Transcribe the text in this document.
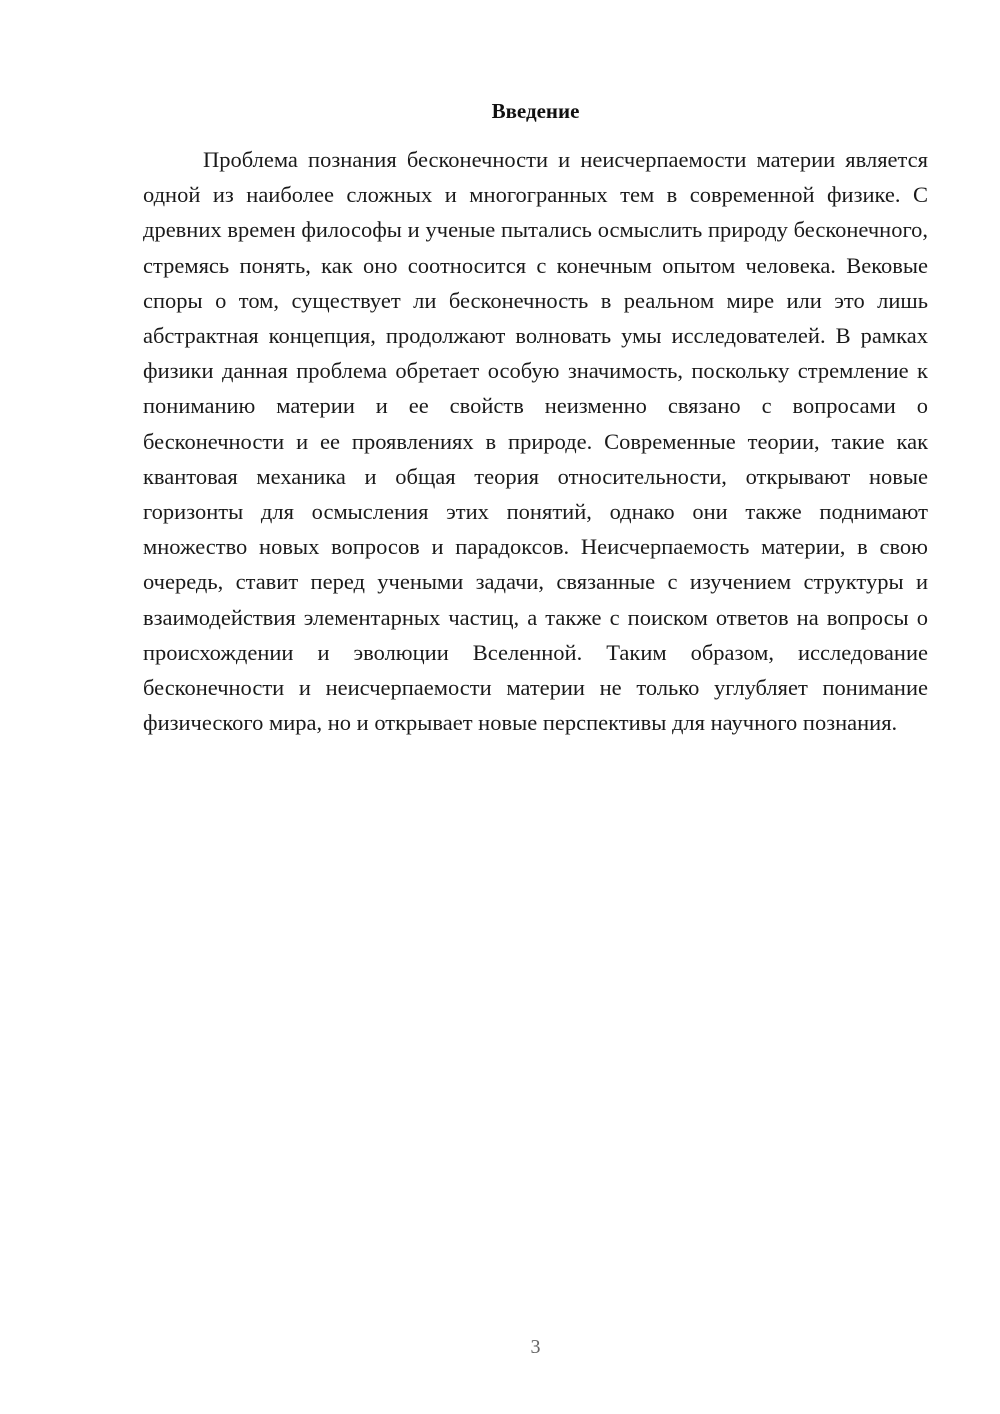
Введение

Проблема познания бесконечности и неисчерпаемости материи является одной из наиболее сложных и многогранных тем в современной физике. С древних времен философы и ученые пытались осмыслить природу бесконечного, стремясь понять, как оно соотносится с конечным опытом человека. Вековые споры о том, существует ли бесконечность в реальном мире или это лишь абстрактная концепция, продолжают волновать умы исследователей. В рамках физики данная проблема обретает особую значимость, поскольку стремление к пониманию материи и ее свойств неизменно связано с вопросами о бесконечности и ее проявлениях в природе. Современные теории, такие как квантовая механика и общая теория относительности, открывают новые горизонты для осмысления этих понятий, однако они также поднимают множество новых вопросов и парадоксов. Неисчерпаемость материи, в свою очередь, ставит перед учеными задачи, связанные с изучением структуры и взаимодействия элементарных частиц, а также с поиском ответов на вопросы о происхождении и эволюции Вселенной. Таким образом, исследование бесконечности и неисчерпаемости материи не только углубляет понимание физического мира, но и открывает новые перспективы для научного познания.

3
